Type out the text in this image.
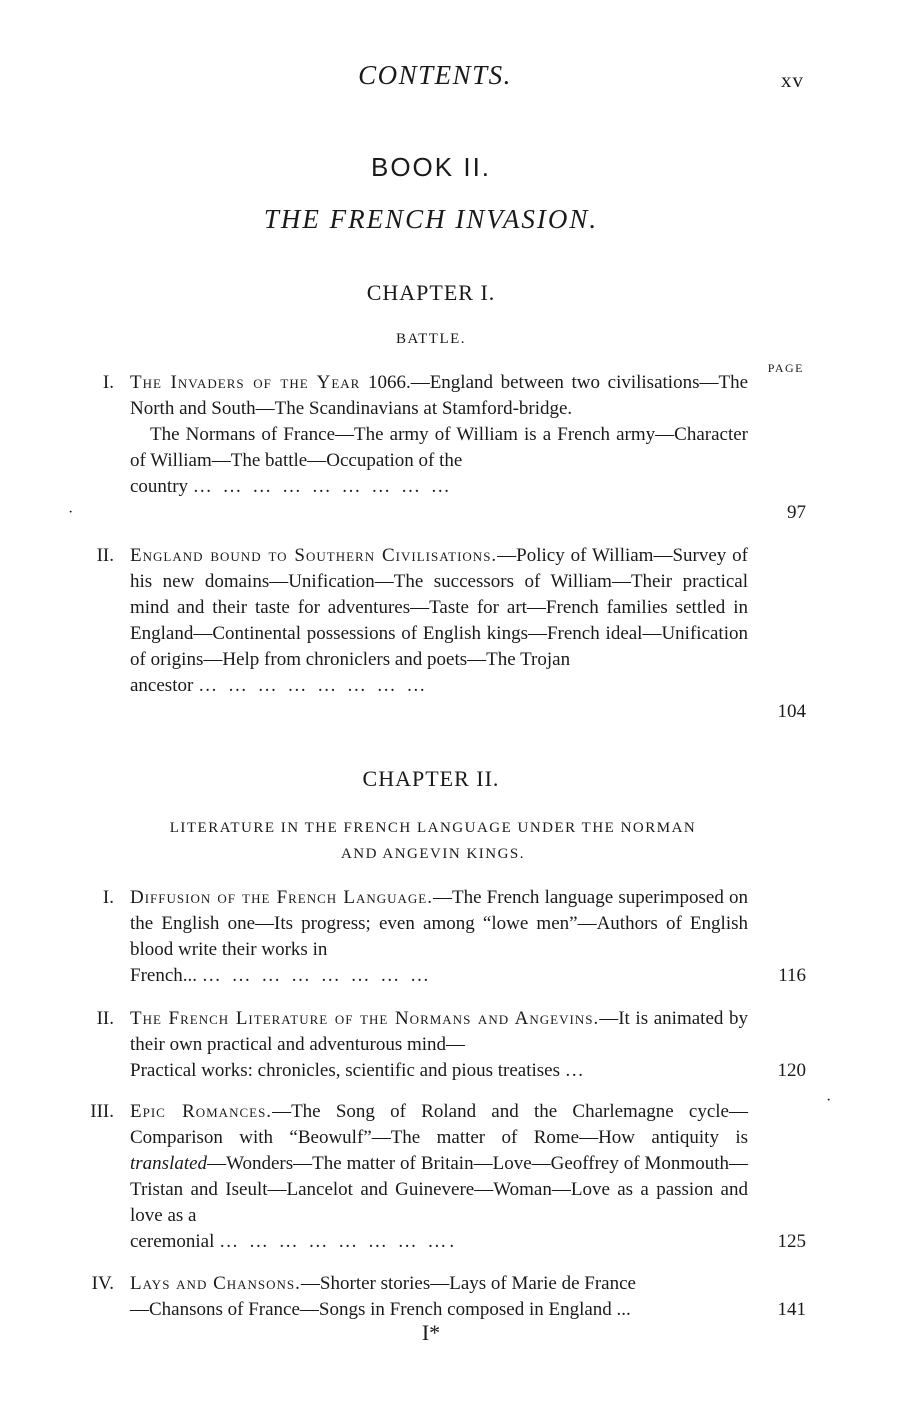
CONTENTS.	xv
BOOK II.
THE FRENCH INVASION.
CHAPTER I.
BATTLE.
PAGE
·
I. The Invaders of the Year 1066.—England between two civilisations—The North and South—The Scandinavians at Stamford-bridge.

The Normans of France—The army of William is a French army—Character of William—The battle—Occupation of the

country … … … … … … … … …

97
II. England bound to Southern Civilisations.—Policy of William—Survey of his new domains—Unification—The successors of William—Their practical mind and their taste for adventures—Taste for art—French families settled in England—Continental possessions of English kings—French ideal—Unification of origins—Help from chroniclers and poets—The Trojan

ancestor … … … … … … … …

104
CHAPTER II.
LITERATURE IN THE FRENCH LANGUAGE UNDER THE NORMAN
AND ANGEVIN KINGS.
I. Diffusion of the French Language.—The French language superimposed on the English one—Its progress; even among “lowe men”—Authors of English blood write their works in

French... … … … … … … … …	116
II. The French Literature of the Normans and Angevins.—It is animated by their own practical and adventurous mind—

Practical works: chronicles, scientific and pious treatises …	120
·
III. Epic Romances.—The Song of Roland and the Charlemagne cycle—Comparison with “Beowulf”—The matter of Rome—How antiquity is translated—Wonders—The matter of Britain—Love—Geoffrey of Monmouth—Tristan and Iseult—Lancelot and Guinevere—Woman—Love as a passion and love as a

ceremonial … … … … … … … ….	125
IV. Lays and Chansons.—Shorter stories—Lays of Marie de France

—Chansons of France—Songs in French composed in England ...	141
I*
